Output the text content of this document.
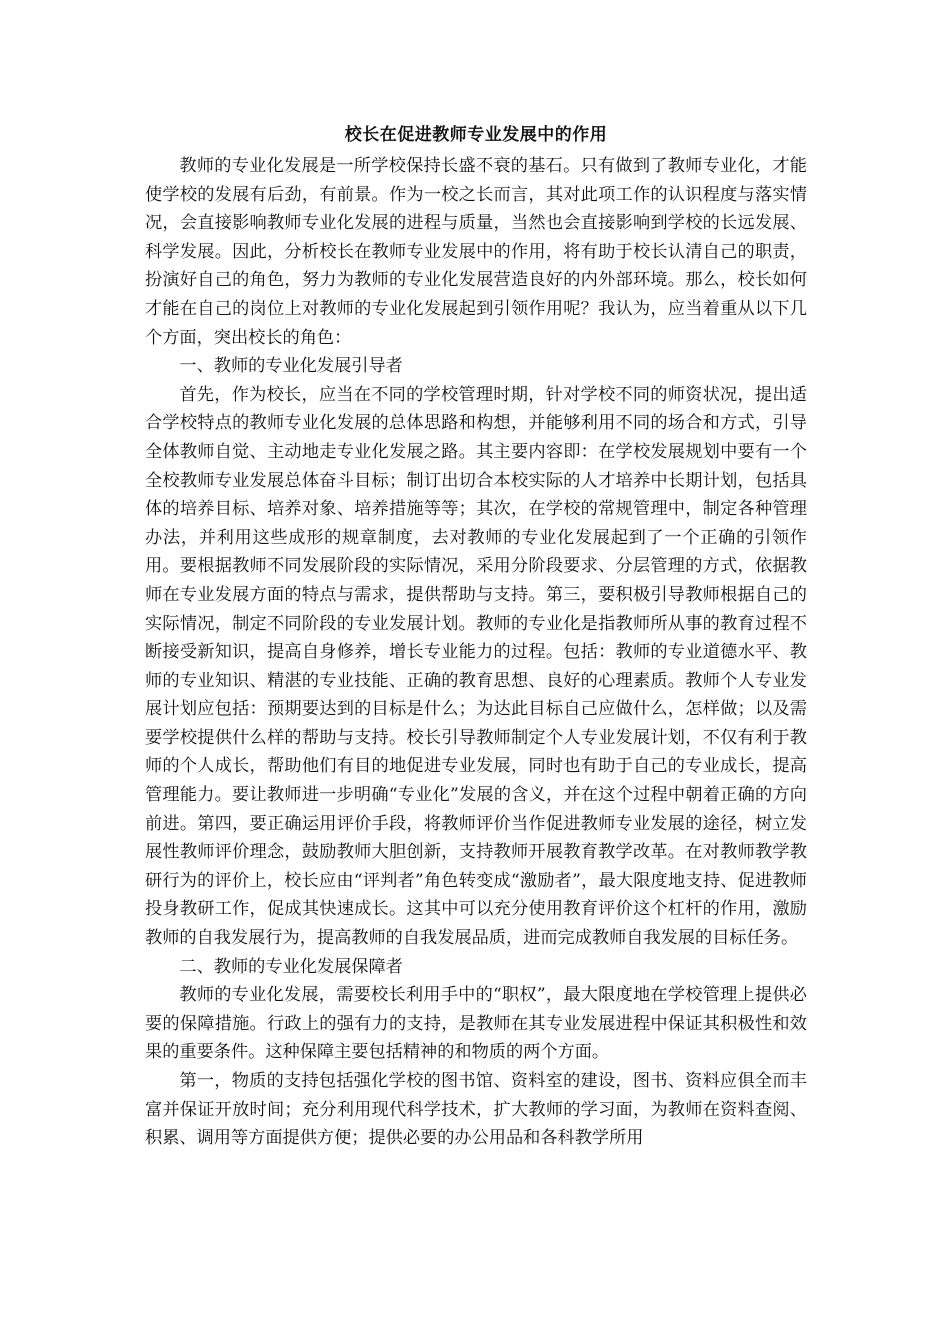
校长在促进教师专业发展中的作用

教师的专业化发展是一所学校保持长盛不衰的基石。只有做到了教师专业化，才能使学校的发展有后劲，有前景。作为一校之长而言，其对此项工作的认识程度与落实情况，会直接影响教师专业化发展的进程与质量，当然也会直接影响到学校的长远发展、科学发展。因此，分析校长在教师专业发展中的作用，将有助于校长认清自己的职责，扮演好自己的角色，努力为教师的专业化发展营造良好的内外部环境。那么，校长如何才能在自己的岗位上对教师的专业化发展起到引领作用呢？我认为，应当着重从以下几个方面，突出校长的角色：

一、教师的专业化发展引导者

首先，作为校长，应当在不同的学校管理时期，针对学校不同的师资状况，提出适合学校特点的教师专业化发展的总体思路和构想，并能够利用不同的场合和方式，引导全体教师自觉、主动地走专业化发展之路。其主要内容即：在学校发展规划中要有一个全校教师专业发展总体奋斗目标；制订出切合本校实际的人才培养中长期计划，包括具体的培养目标、培养对象、培养措施等等；其次，在学校的常规管理中，制定各种管理办法，并利用这些成形的规章制度，去对教师的专业化发展起到了一个正确的引领作用。要根据教师不同发展阶段的实际情况，采用分阶段要求、分层管理的方式，依据教师在专业发展方面的特点与需求，提供帮助与支持。第三，要积极引导教师根据自己的实际情况，制定不同阶段的专业发展计划。教师的专业化是指教师所从事的教育过程不断接受新知识，提高自身修养，增长专业能力的过程。包括：教师的专业道德水平、教师的专业知识、精湛的专业技能、正确的教育思想、良好的心理素质。教师个人专业发展计划应包括：预期要达到的目标是什么；为达此目标自己应做什么，怎样做；以及需要学校提供什么样的帮助与支持。校长引导教师制定个人专业发展计划，不仅有利于教师的个人成长，帮助他们有目的地促进专业发展，同时也有助于自己的专业成长，提高管理能力。要让教师进一步明确“专业化”发展的含义，并在这个过程中朝着正确的方向前进。第四，要正确运用评价手段，将教师评价当作促进教师专业发展的途径，树立发展性教师评价理念，鼓励教师大胆创新，支持教师开展教育教学改革。在对教师教学教研行为的评价上，校长应由“评判者”角色转变成“激励者”，最大限度地支持、促进教师投身教研工作，促成其快速成长。这其中可以充分使用教育评价这个杠杆的作用，激励教师的自我发展行为，提高教师的自我发展品质，进而完成教师自我发展的目标任务。

二、教师的专业化发展保障者

教师的专业化发展，需要校长利用手中的“职权”，最大限度地在学校管理上提供必要的保障措施。行政上的强有力的支持，是教师在其专业发展进程中保证其积极性和效果的重要条件。这种保障主要包括精神的和物质的两个方面。

第一，物质的支持包括强化学校的图书馆、资料室的建设，图书、资料应俱全而丰富并保证开放时间；充分利用现代科学技术，扩大教师的学习面，为教师在资料查阅、积累、调用等方面提供方便；提供必要的办公用品和各科教学所用
